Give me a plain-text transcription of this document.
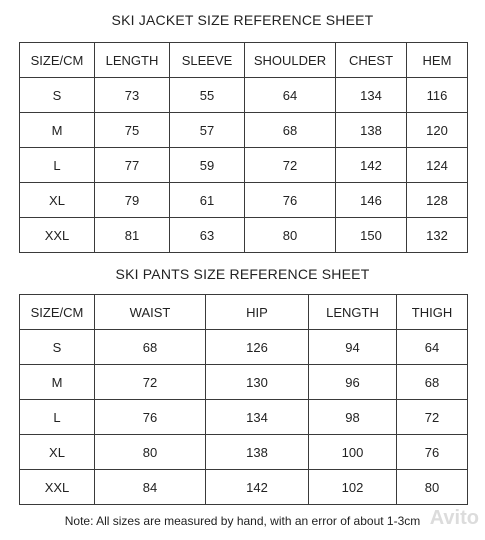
SKI JACKET SIZE REFERENCE SHEET
SIZE/CM	LENGTH	SLEEVE	SHOULDER	CHEST	HEM
S	73	55	64	134	116
M	75	57	68	138	120
L	77	59	72	142	124
XL	79	61	76	146	128
XXL	81	63	80	150	132
SKI PANTS SIZE REFERENCE SHEET
SIZE/CM	WAIST	HIP	LENGTH	THIGH
S	68	126	94	64
M	72	130	96	68
L	76	134	98	72
XL	80	138	100	76
XXL	84	142	102	80
Note: All sizes are measured by hand, with an error of about 1-3cm Avito
